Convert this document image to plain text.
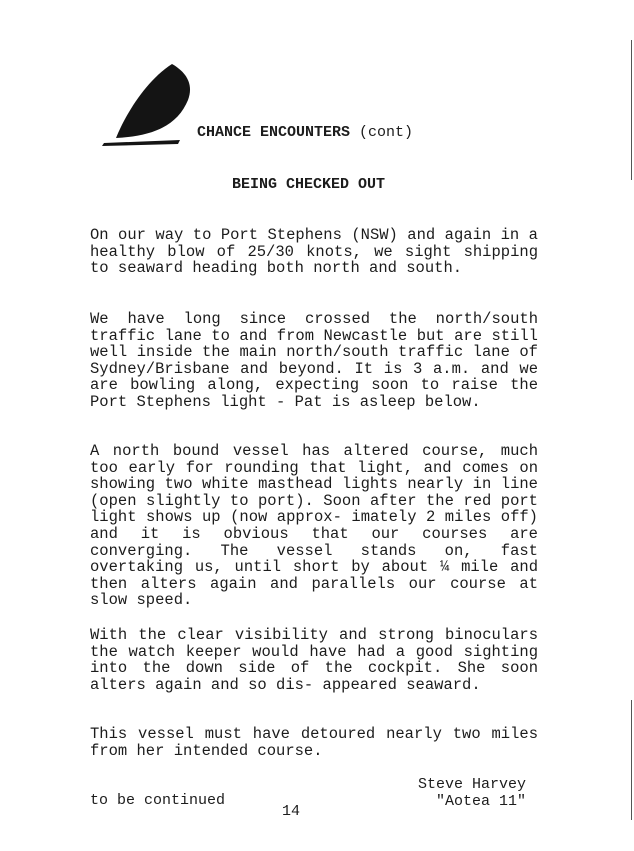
CHANCE ENCOUNTERS (cont)
BEING CHECKED OUT
On our way to Port Stephens (NSW) and again in a healthy blow of 25/30 knots, we sight shipping to seaward heading both north and south.
We have long since crossed the north/south traffic lane to and from Newcastle but are still well inside the main north/south traffic lane of Sydney/Brisbane and beyond. It is 3 a.m. and we are bowling along, expecting soon to raise the Port Stephens light - Pat is asleep below.
A north bound vessel has altered course, much too early for rounding that light, and comes on showing two white masthead lights nearly in line (open slightly to port). Soon after the red port light shows up (now approx- imately 2 miles off) and it is obvious that our courses are converging. The vessel stands on, fast overtaking us, until short by about ¼ mile and then alters again and parallels our course at slow speed.
With the clear visibility and strong binoculars the watch keeper would have had a good sighting into the down side of the cockpit. She soon alters again and so dis- appeared seaward.
This vessel must have detoured nearly two miles from her intended course.
Steve Harvey
"Aotea 11"
to be continued
14
